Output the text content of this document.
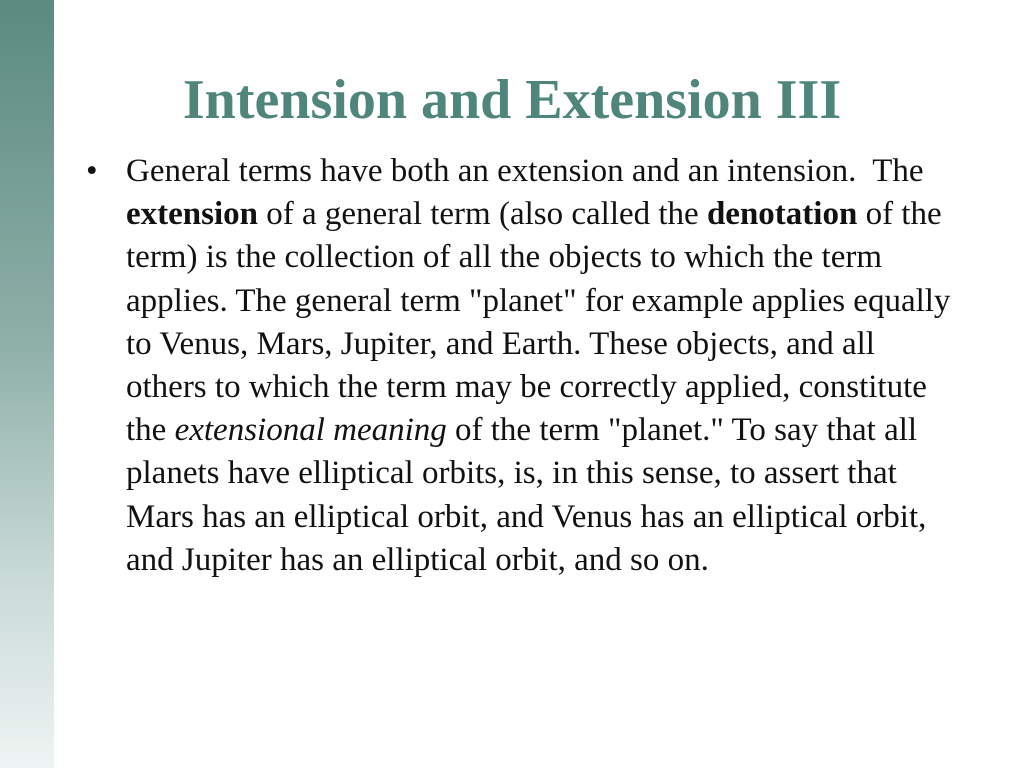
Intension and Extension III
• General terms have both an extension and an intension.  The extension of a general term (also called the denotation of the term) is the collection of all the objects to which the term applies. The general term "planet" for example applies equally to Venus, Mars, Jupiter, and Earth. These objects, and all others to which the term may be correctly applied, constitute the extensional meaning of the term "planet." To say that all planets have elliptical orbits, is, in this sense, to assert that Mars has an elliptical orbit, and Venus has an elliptical orbit, and Jupiter has an elliptical orbit, and so on.
